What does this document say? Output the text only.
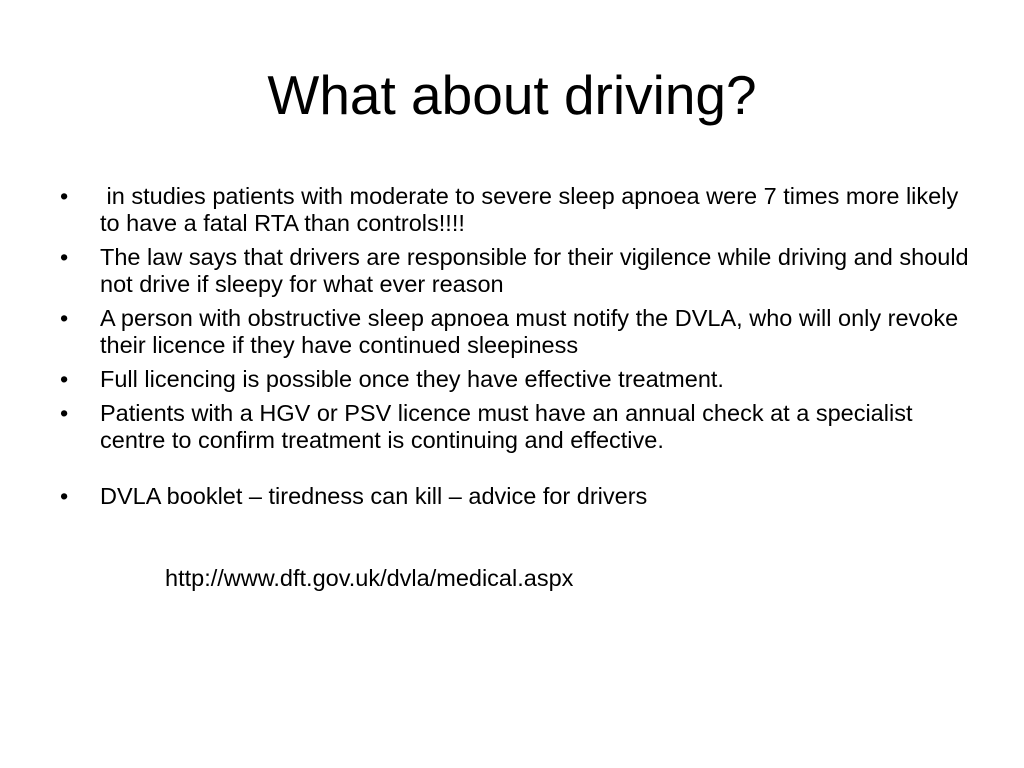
What about driving?
•	in studies patients with moderate to severe sleep apnoea were 7 times more likely to have a fatal RTA than controls!!!!
•	The law says that drivers are responsible for their vigilence while driving and should not drive if sleepy for what ever reason
•	A person with obstructive sleep apnoea must notify the DVLA, who will only revoke their licence if they have continued sleepiness
•	Full licencing is possible once they have effective treatment.
•	Patients with a HGV or PSV licence must have an annual check at a specialist centre to confirm treatment is continuing and effective.
•	DVLA booklet – tiredness can kill – advice for drivers

http://www.dft.gov.uk/dvla/medical.aspx
